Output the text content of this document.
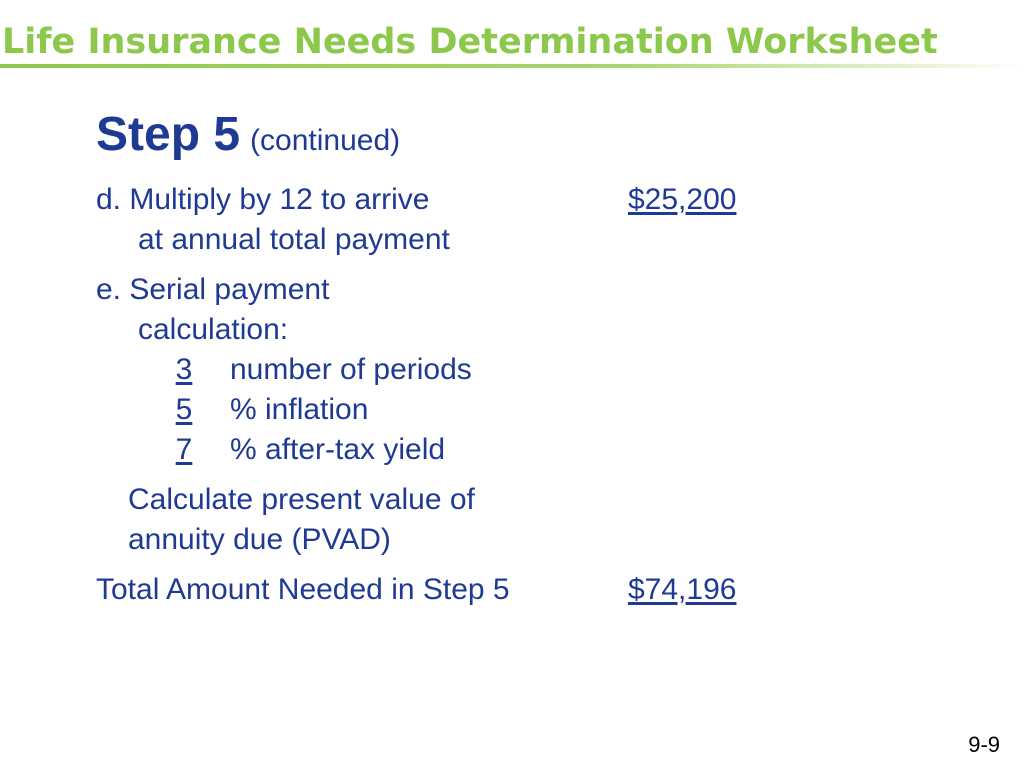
Life Insurance Needs Determination Worksheet
Step 5 (continued)
d. Multiply by 12 to arrive	$25,200
at annual total payment
e. Serial payment
calculation:
3 number of periods
5 % inflation
7 % after-tax yield
Calculate present value of
annuity due (PVAD)
Total Amount Needed in Step 5	$74,196
9-9
